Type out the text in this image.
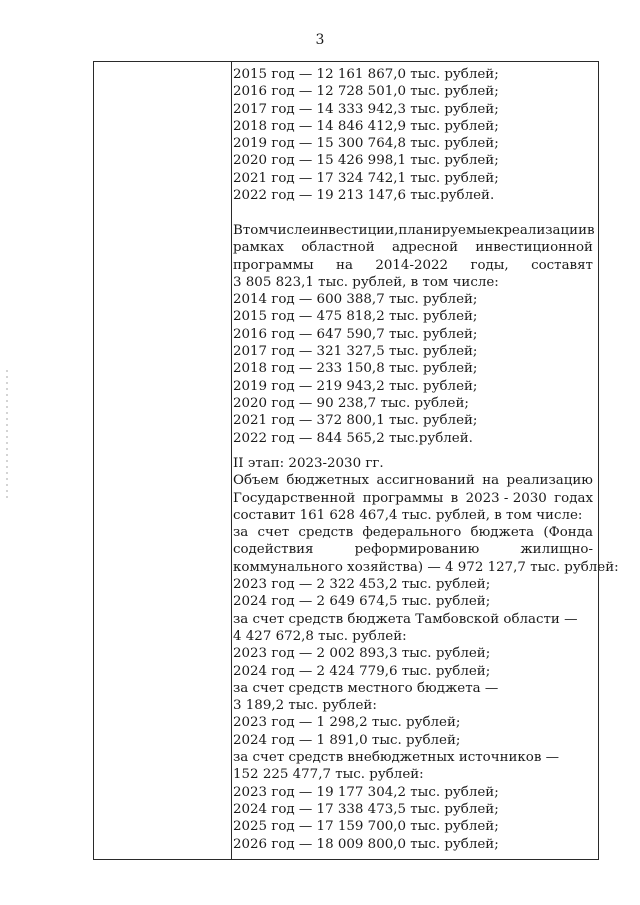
3
2015 год — 12 161 867,0 тыс. рублей;
2016 год — 12 728 501,0 тыс. рублей;
2017 год — 14 333 942,3 тыс. рублей;
2018 год — 14 846 412,9 тыс. рублей;
2019 год — 15 300 764,8 тыс. рублей;
2020 год — 15 426 998,1 тыс. рублей;
2021 год — 17 324 742,1 тыс. рублей;
2022 год — 19 213 147,6 тыс.рублей.
В том числе инвестиции, планируемые к реализации в
рамках областной адресной инвестиционной
программы на 2014-2022 годы, составят
3 805 823,1 тыс. рублей, в том числе:
2014 год — 600 388,7 тыс. рублей;
2015 год — 475 818,2 тыс. рублей;
2016 год — 647 590,7 тыс. рублей;
2017 год — 321 327,5 тыс. рублей;
2018 год — 233 150,8 тыс. рублей;
2019 год — 219 943,2 тыс. рублей;
2020 год — 90 238,7 тыс. рублей;
2021 год — 372 800,1 тыс. рублей;
2022 год — 844 565,2 тыс.рублей.
II этап: 2023-2030 гг.
Объем бюджетных ассигнований на реализацию
Государственной программы в 2023 - 2030 годах
составит 161 628 467,4 тыс. рублей, в том числе:
за счет средств федерального бюджета (Фонда
содействия	реформированию	жилищно-
коммунального хозяйства) — 4 972 127,7 тыс. рублей:
2023 год — 2 322 453,2 тыс. рублей;
2024 год — 2 649 674,5 тыс. рублей;
за счет средств бюджета Тамбовской области —
4 427 672,8 тыс. рублей:
2023 год — 2 002 893,3 тыс. рублей;
2024 год — 2 424 779,6 тыс. рублей;
за счет средств местного бюджета —
3 189,2 тыс. рублей:
2023 год — 1 298,2 тыс. рублей;
2024 год — 1 891,0 тыс. рублей;
за счет средств внебюджетных источников —
152 225 477,7 тыс. рублей:
2023 год — 19 177 304,2 тыс. рублей;
2024 год — 17 338 473,5 тыс. рублей;
2025 год — 17 159 700,0 тыс. рублей;
2026 год — 18 009 800,0 тыс. рублей;
